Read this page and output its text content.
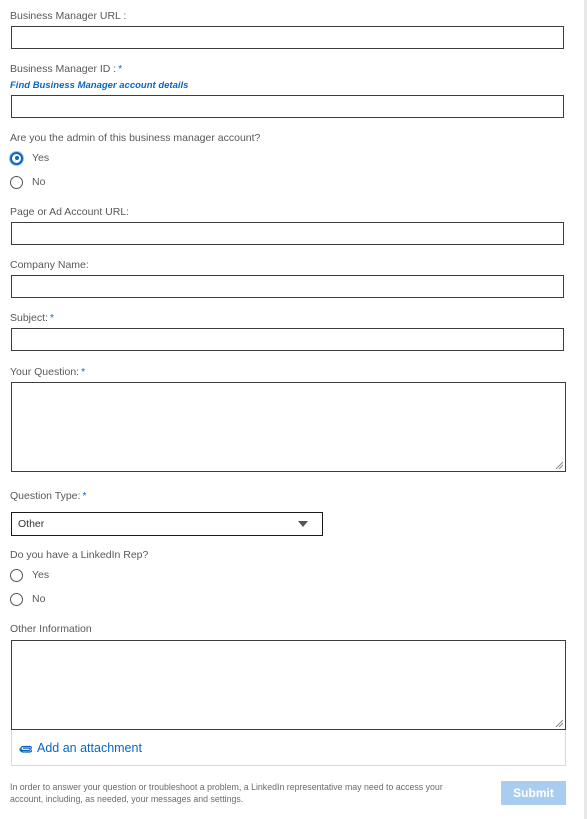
Business Manager URL :
Business Manager ID : *
Find Business Manager account details
Are you the admin of this business manager account?
Yes
No
Page or Ad Account URL:
Company Name:
Subject: *
Your Question: *
Question Type: *
Other
Do you have a LinkedIn Rep?
Yes
No
Other Information
Add an attachment
In order to answer your question or troubleshoot a problem, a LinkedIn representative may need to access your account, including, as needed, your messages and settings.	Submit
